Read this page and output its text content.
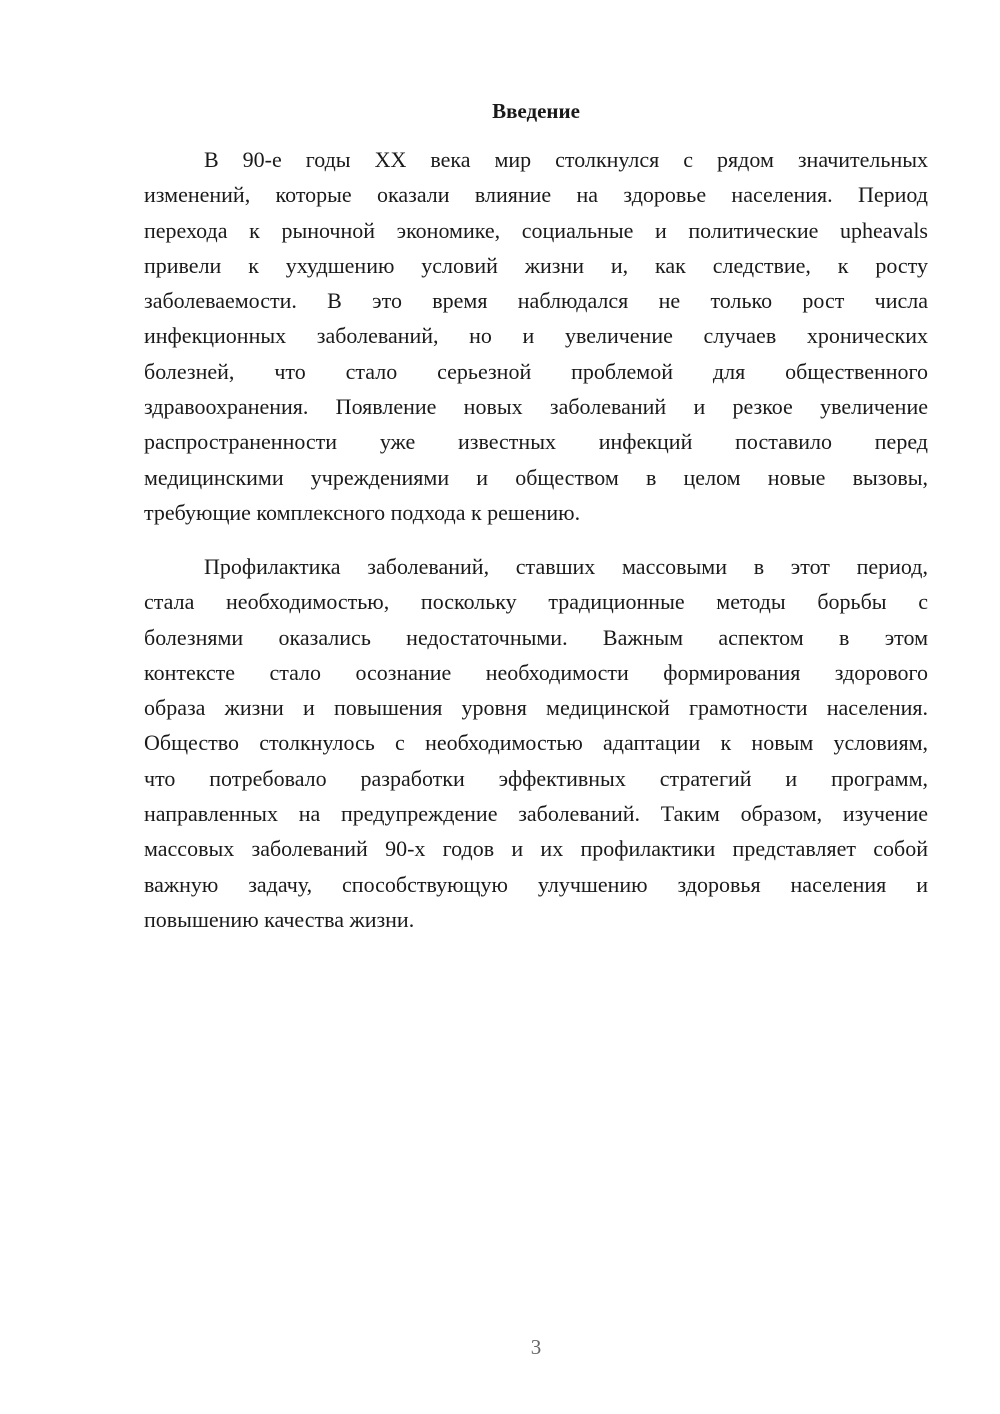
Введение

В 90-е годы XX века мир столкнулся с рядом значительных
изменений, которые оказали влияние на здоровье населения. Период
перехода к рыночной экономике, социальные и политические upheavals
привели к ухудшению условий жизни и, как следствие, к росту
заболеваемости. В это время наблюдался не только рост числа
инфекционных заболеваний, но и увеличение случаев хронических
болезней, что стало серьезной проблемой для общественного
здравоохранения. Появление новых заболеваний и резкое увеличение
распространенности уже известных инфекций поставило перед
медицинскими учреждениями и обществом в целом новые вызовы,
требующие комплексного подхода к решению.

Профилактика заболеваний, ставших массовыми в этот период,
стала необходимостью, поскольку традиционные методы борьбы с
болезнями оказались недостаточными. Важным аспектом в этом
контексте стало осознание необходимости формирования здорового
образа жизни и повышения уровня медицинской грамотности населения.
Общество столкнулось с необходимостью адаптации к новым условиям,
что потребовало разработки эффективных стратегий и программ,
направленных на предупреждение заболеваний. Таким образом, изучение
массовых заболеваний 90-х годов и их профилактики представляет собой
важную задачу, способствующую улучшению здоровья населения и
повышению качества жизни.

3
